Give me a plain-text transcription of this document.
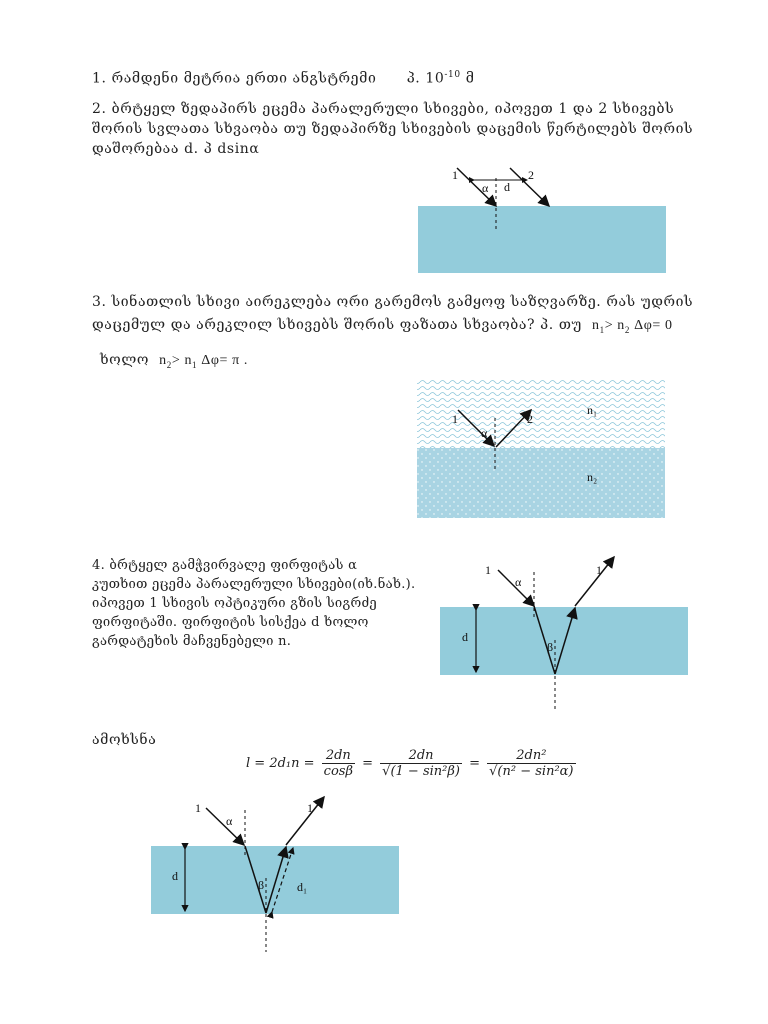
1. რამდენი მეტრია ერთი ანგსტრემი პ. $10^{-10}$ მ
2. ბრტყელ ზედაპირს ეცემა პარალერული სხივები, იპოვეთ 1 და 2 სხივებს
შორის სვლათა სხვაობა თუ ზედაპირზე სხივების დაცემის წერტილებს შორის
დაშორებაა d. პ dsinα
1	2
α d
1	2
α
n₁
n₂
1	1
α
β
d
1	1
α
β
d
d₁
3. სინათლის სხივი აირეკლება ორი გარემოს გამყოფ საზღვარზე. რას უდრის
დაცემულ და არეკლილ სხივებს შორის ფაზათა სხვაობა? პ. თუ $n_1> n_2$ Δφ= 0
ხოლო  $n_2> n_1$ Δφ= π .
4. ბრტყელ გამჭვირვალე ფირფიტას α
კუთხით ეცემა პარალერული სხივები(იხ.ნახ.).
იპოვეთ 1 სხივის ოპტიკური გზის სიგრძე
ფირფიტაში. ფირფიტის სისქეა d ხოლო
გარდატეხის მაჩვენებელი n.
ამოხსნა
$l = 2d_1n = \frac{2dn}{\cos\beta} = \frac{2dn}{\text{√(1 − sin²β)}} = \frac{\text{2dn²}}{\text{√(n² − sin²α)}}$
